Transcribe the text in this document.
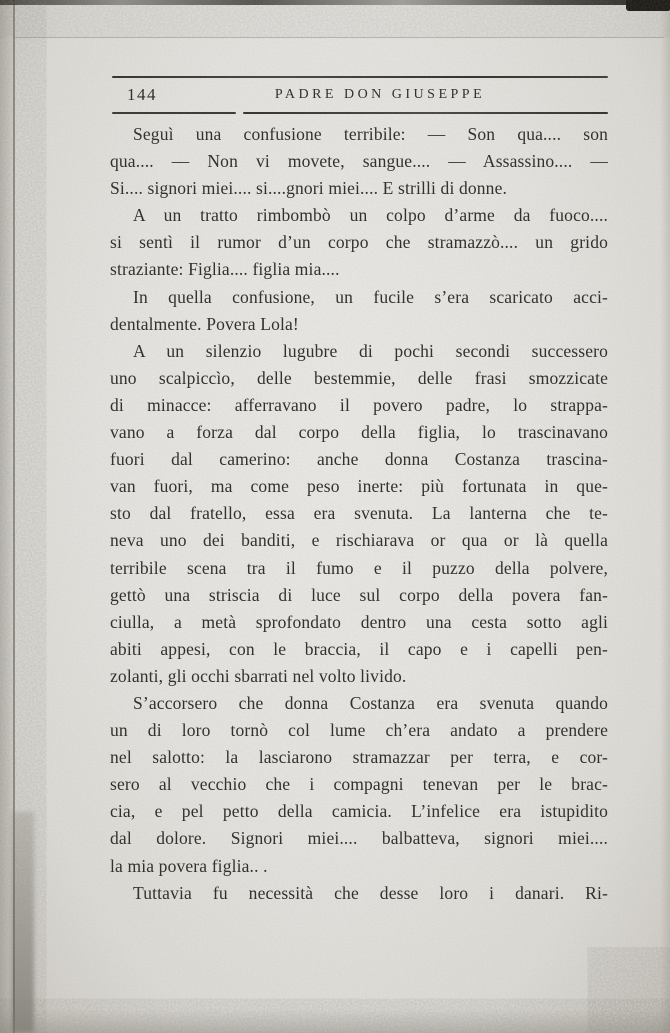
144	PADRE DON GIUSEPPE
Seguì una confusione terribile: — Son qua.... son
qua.... — Non vi movete, sangue.... — Assassino.... —
Si.... signori miei.... si....gnori miei.... E strilli di donne.
A un tratto rimbombò un colpo d’arme da fuoco....
si sentì il rumor d’un corpo che stramazzò.... un grido
straziante: Figlia.... figlia mia....
In quella confusione, un fucile s’era scaricato acci-
dentalmente. Povera Lola!
A un silenzio lugubre di pochi secondi successero
uno scalpiccìo, delle bestemmie, delle frasi smozzicate
di minacce: afferravano il povero padre, lo strappa-
vano a forza dal corpo della figlia, lo trascinavano
fuori dal camerino: anche donna Costanza trascina-
van fuori, ma come peso inerte: più fortunata in que-
sto dal fratello, essa era svenuta. La lanterna che te-
neva uno dei banditi, e rischiarava or qua or là quella
terribile scena tra il fumo e il puzzo della polvere,
gettò una striscia di luce sul corpo della povera fan-
ciulla, a metà sprofondato dentro una cesta sotto agli
abiti appesi, con le braccia, il capo e i capelli pen-
zolanti, gli occhi sbarrati nel volto livido.
S’accorsero che donna Costanza era svenuta quando
un di loro tornò col lume ch’era andato a prendere
nel salotto: la lasciarono stramazzar per terra, e cor-
sero al vecchio che i compagni tenevan per le brac-
cia, e pel petto della camicia. L’infelice era istupidito
dal dolore. Signori miei.... balbatteva, signori miei....
la mia povera figlia.. .
Tuttavia fu necessità che desse loro i danari. Ri-
